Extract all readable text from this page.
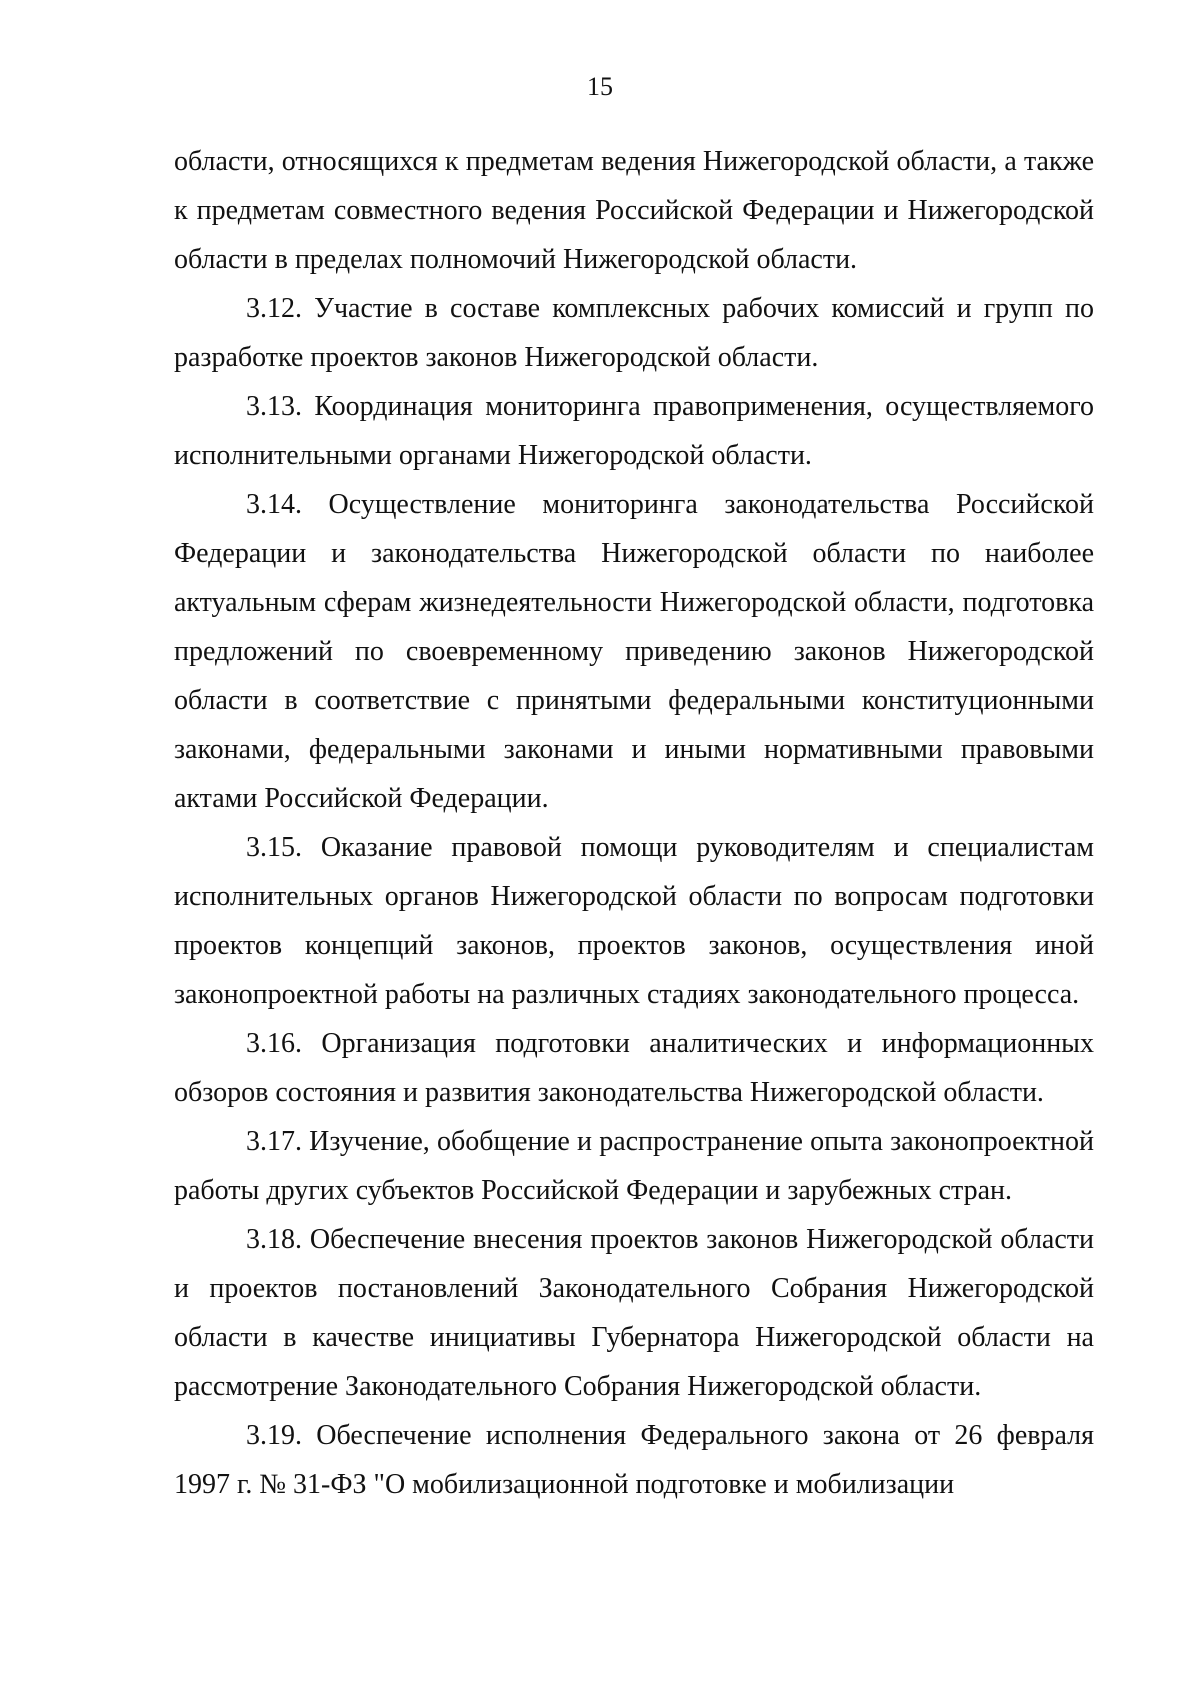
15

области, относящихся к предметам ведения Нижегородской области, а также к предметам совместного ведения Российской Федерации и Нижегородской области в пределах полномочий Нижегородской области.

3.12. Участие в составе комплексных рабочих комиссий и групп по разработке проектов законов Нижегородской области.

3.13. Координация мониторинга правоприменения, осуществляемого исполнительными органами Нижегородской области.

3.14. Осуществление мониторинга законодательства Российской Федерации и законодательства Нижегородской области по наиболее актуальным сферам жизнедеятельности Нижегородской области, подготовка предложений по своевременному приведению законов Нижегородской области в соответствие с принятыми федеральными конституционными законами, федеральными законами и иными нормативными правовыми актами Российской Федерации.

3.15. Оказание правовой помощи руководителям и специалистам исполнительных органов Нижегородской области по вопросам подготовки проектов концепций законов, проектов законов, осуществления иной законопроектной работы на различных стадиях законодательного процесса.

3.16. Организация подготовки аналитических и информационных обзоров состояния и развития законодательства Нижегородской области.

3.17. Изучение, обобщение и распространение опыта законопроектной работы других субъектов Российской Федерации и зарубежных стран.

3.18. Обеспечение внесения проектов законов Нижегородской области и проектов постановлений Законодательного Собрания Нижегородской области в качестве инициативы Губернатора Нижегородской области на рассмотрение Законодательного Собрания Нижегородской области.

3.19. Обеспечение исполнения Федерального закона от 26 февраля 1997 г. № 31-ФЗ "О мобилизационной подготовке и мобилизации
